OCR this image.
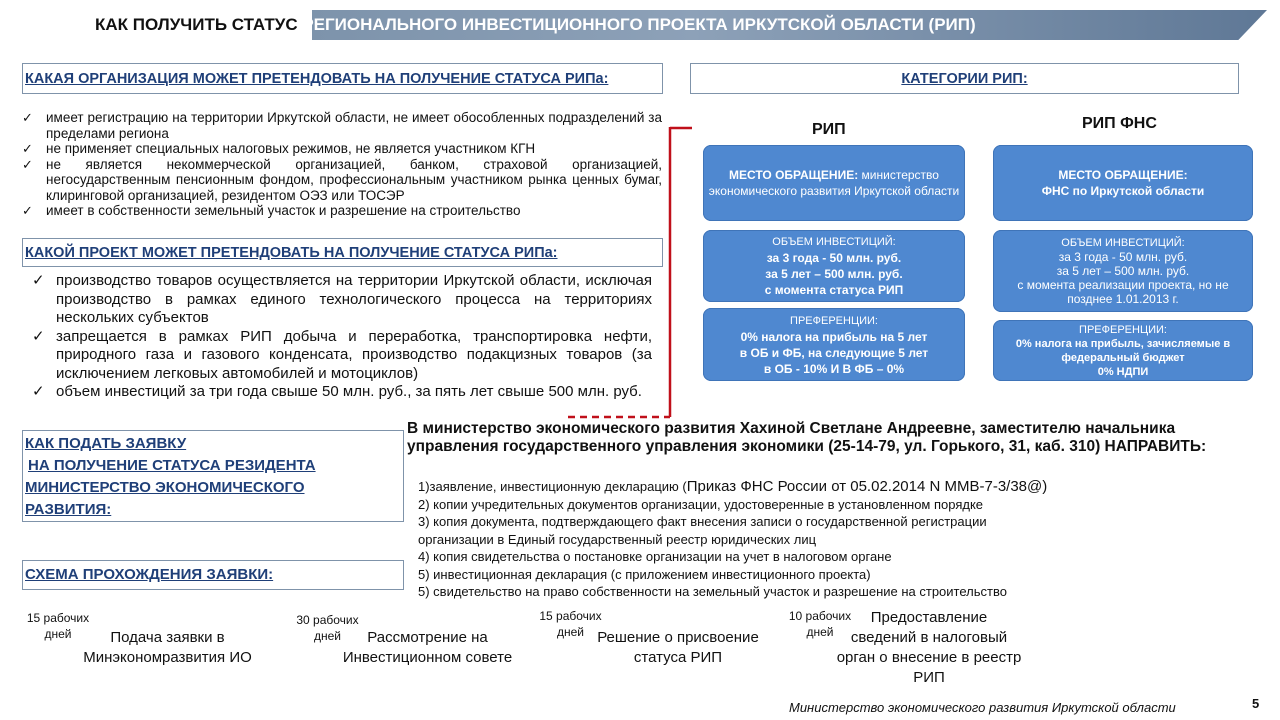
КАК ПОЛУЧИТЬ СТАТУС РЕГИОНАЛЬНОГО ИНВЕСТИЦИОННОГО ПРОЕКТА ИРКУТСКОЙ ОБЛАСТИ (РИП)
КАКАЯ ОРГАНИЗАЦИЯ МОЖЕТ ПРЕТЕНДОВАТЬ НА ПОЛУЧЕНИЕ СТАТУСА РИПа:
✓ имеет регистрацию на территории Иркутской области, не имеет обособленных подразделений за пределами региона
✓ не применяет специальных налоговых режимов, не является участником КГН
✓ не является некоммерческой организацией, банком, страховой организацией, негосударственным пенсионным фондом, профессиональным участником рынка ценных бумаг, клиринговой организацией, резидентом ОЭЗ или ТОСЭР
✓ имеет в собственности земельный участок и разрешение на строительство
КАКОЙ ПРОЕКТ МОЖЕТ ПРЕТЕНДОВАТЬ НА ПОЛУЧЕНИЕ СТАТУСА РИПа:
✓ производство товаров осуществляется на территории Иркутской области, исключая производство в рамках единого технологического процесса на территориях нескольких субъектов
✓ запрещается в рамках РИП добыча и переработка, транспортировка нефти, природного газа и газового конденсата, производство подакцизных товаров (за исключением легковых автомобилей и мотоциклов)
✓ объем инвестиций за три года свыше 50 млн. руб., за пять лет свыше 500 млн. руб.
КАК ПОДАТЬ ЗАЯВКУ
НА ПОЛУЧЕНИЕ СТАТУСА РЕЗИДЕНТА
МИНИСТЕРСТВО ЭКОНОМИЧЕСКОГО
РАЗВИТИЯ:
СХЕМА ПРОХОЖДЕНИЯ ЗАЯВКИ:
КАТЕГОРИИ РИП:
РИП	РИП ФНС
МЕСТО ОБРАЩЕНИЕ: министерство экономического развития Иркутской области
ОБЪЕМ ИНВЕСТИЦИЙ:
за 3 года - 50 млн. руб.
за 5 лет – 500 млн. руб.
с момента статуса РИП
ПРЕФЕРЕНЦИИ:
0% налога на прибыль на 5 лет
в ОБ и ФБ, на следующие 5 лет
в ОБ - 10% И В ФБ – 0%
МЕСТО ОБРАЩЕНИЕ:
ФНС по Иркутской области
ОБЪЕМ ИНВЕСТИЦИЙ:
за 3 года - 50 млн. руб.
за 5 лет – 500 млн. руб.
с момента реализации проекта, но не
позднее 1.01.2013 г.
ПРЕФЕРЕНЦИИ:
0% налога на прибыль, зачисляемые в
федеральный бюджет
0% НДПИ
В министерство экономического развития Хахиной Светлане Андреевне, заместителю начальника
управления государственного управления экономики (25-14-79, ул. Горького, 31, каб. 310) НАПРАВИТЬ:
1)заявление, инвестиционную декларацию (Приказ ФНС России от 05.02.2014 N ММВ-7-3/38@)
2) копии учредительных документов организации, удостоверенные в установленном порядке
3) копия документа, подтверждающего факт внесения записи о государственной регистрации
организации в Единый государственный реестр юридических лиц
4) копия свидетельства о постановке организации на учет в налоговом органе
5) инвестиционная декларация (с приложением инвестиционного проекта)
5) свидетельство на право собственности на земельный участок и разрешение на строительство
15 рабочих
дней	Подача заявки в
Минэкономразвития ИО
30 рабочих
дней	Рассмотрение на
Инвестиционном совете
15 рабочих
дней Решение о присвоение
статуса РИП
10 рабочих
дней
Предоставление
сведений в налоговый
орган о внесение в реестр
РИП
Министерство экономического развития Иркутской области	5
